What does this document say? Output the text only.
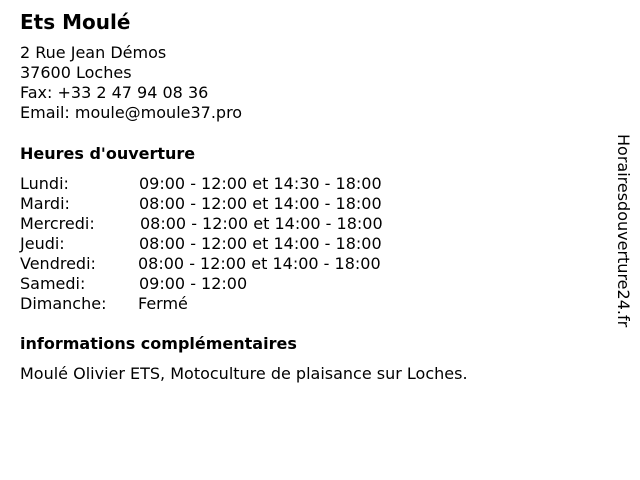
Ets Moulé
2 Rue Jean Démos
37600 Loches
Fax: +33 2 47 94 08 36
Email: moule@moule37.pro
Heures d'ouverture
Lundi:	09:00 - 12:00 et 14:30 - 18:00
Mardi:	08:00 - 12:00 et 14:00 - 18:00
Mercredi:	08:00 - 12:00 et 14:00 - 18:00
Jeudi:	08:00 - 12:00 et 14:00 - 18:00
Vendredi:	08:00 - 12:00 et 14:00 - 18:00
Samedi:	09:00 - 12:00
Dimanche: Fermé
informations complémentaires
Moulé Olivier ETS, Motoculture de plaisance sur Loches.
Horairesdouverture24.fr
